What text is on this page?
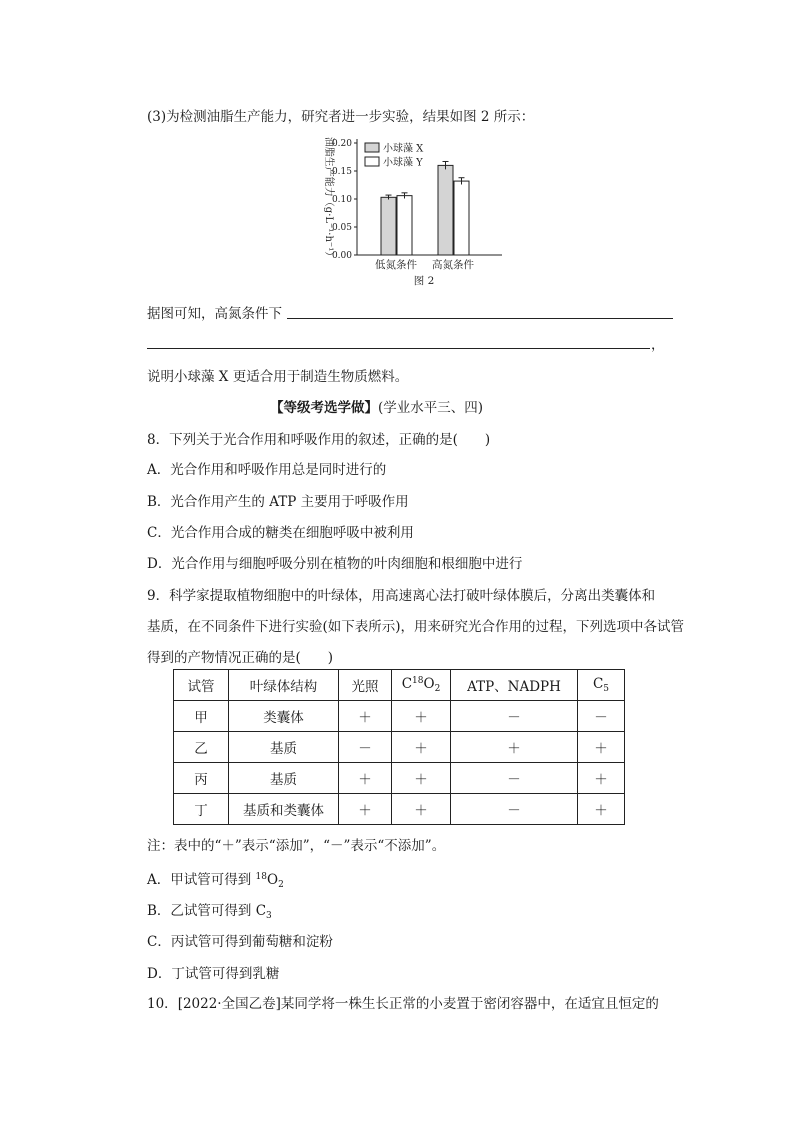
(3)为检测油脂生产能力，研究者进一步实验，结果如图 2 所示：
0.00
0.05
0.10
0.15
0.20
油脂生产能力（g·L⁻¹·h⁻¹）
低氮条件 高氮条件
小球藻 X
小球藻 Y
图 2
据图可知，高氮条件下
，
说明小球藻 X 更适合用于制造生物质燃料。
【等级考选学做】(学业水平三、四)
8．下列关于光合作用和呼吸作用的叙述，正确的是(　　)
A．光合作用和呼吸作用总是同时进行的
B．光合作用产生的 ATP 主要用于呼吸作用
C．光合作用合成的糖类在细胞呼吸中被利用
D．光合作用与细胞呼吸分别在植物的叶肉细胞和根细胞中进行
9．科学家提取植物细胞中的叶绿体，用高速离心法打破叶绿体膜后，分离出类囊体和
基质，在不同条件下进行实验(如下表所示)，用来研究光合作用的过程，下列选项中各试管
得到的产物情况正确的是(　　)
试管	叶绿体结构	光照	$C^{18}O_2$	ATP、NADPH	$C_5$
甲	类囊体	＋	＋	－	－
乙	基质	－	＋	＋	＋
丙	基质	＋	＋	－	＋
丁	基质和类囊体	＋	＋	－	＋
注：表中的“＋”表示“添加”，“－”表示“不添加”。
A．甲试管可得到 $^{18}O_2$
B．乙试管可得到 $C_3$
C．丙试管可得到葡萄糖和淀粉
D．丁试管可得到乳糖
10．[2022·全国乙卷]某同学将一株生长正常的小麦置于密闭容器中，在适宜且恒定的
